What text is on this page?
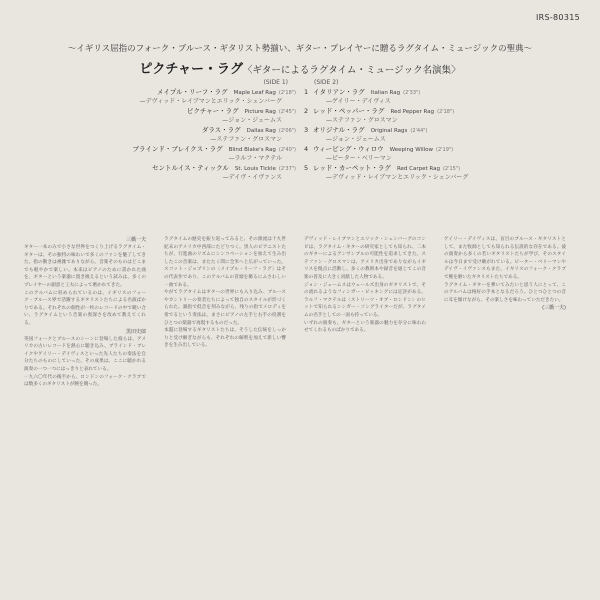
IRS-80315
〜イギリス屈指のフォーク・ブルース・ギタリスト勢揃い、ギター・プレイヤーに贈るラグタイム・ミュージックの聖典〜
ピクチャー・ラグ〈ギターによるラグタイム・ミュージック名演集〉
(SIDE 1)
メイプル・リーフ・ラグ Maple Leaf Rag (2'18")
—デヴィッド・レイブマンとエリック・シェンバーグ
ピクチャー・ラグ Picture Rag (2'45")
—ジョン・ジェームス
ダラス・ラグ Dallas Rag (2'06")
—ステファン・グロスマン
ブラインド・ブレイクス・ラグ Blind Blake's Rag (2'40")
—ラルフ・マクテル
セントルイス・ティックル St. Louis Tickle (2'37")
—デイヴ・イヴァンス
(SIDE 2)
1 イタリアン・ラグ Italian Rag (2'33")
—ゲイリー・デイヴィス
2 レッド・ペッパー・ラグ Red Pepper Rag (2'18")
—ステファン・グロスマン
3 オリジナル・ラグ Original Rags (2'44")
—ジョン・ジェームス
4 ウィーピング・ウィロウ Weeping Willow (2'19")
—ピーター・ベリーマン
5 レッド・カーペット・ラグ Red Carpet Rag (2'15")
—デヴィッド・レイブマンとエリック・シェンバーグ

三橋一夫

ギター一本のみで小さな世界をつくり上げるラグタイム・ギターは、その独特の味わいで多くのファンを魅了してきた。指の動きは複雑でありながら、音楽そのものはどこまでも軽やかで楽しい。本来はピアノのために書かれた曲を、ギターという楽器に置き換えるという試みは、多くのプレイヤーの創意と工夫によって磨かれてきた。

このアルバムに収められているのは、イギリスのフォーク・ブルース界で活躍するギタリストたちによる名演ばかりである。それぞれの個性が一枚のレコードの中で競い合い、ラグタイムという音楽の奥深さを改めて教えてくれる。

黒田史郎

英国フォークとブルースのシーンに登場した彼らは、アメリカの古いレコードを熱心に聴き込み、ブラインド・ブレイクやゲイリー・デイヴィスといった先人たちの奏法を自分たちのものにしていった。その成果は、ここに聴かれる演奏の一つ一つにはっきりと表れている。

一九六〇年代の後半から、ロンドンのフォーク・クラブでは数多くのギタリストが腕を競った。

ラグタイムの歴史を振り返ってみると、その源流は十九世紀末のアメリカ中西部にたどりつく。黒人のピアニストたちが、行進曲のリズムにシンコペーションを加えて生み出したこの音楽は、またたく間に全米へと広がっていった。スコット・ジョプリンの〈メイプル・リーフ・ラグ〉はその代表作であり、このアルバムの冒頭を飾るにふさわしい一曲である。

やがてラグタイムはギターの世界にも入り込み、ブルースやカントリーの奏者たちによって独自のスタイルが形づくられた。親指で低音を刻みながら、残りの指でメロディを奏でるという奏法は、まさにピアノの左手と右手の役割をひとつの楽器で再現するものだった。

本盤に登場するギタリストたちは、そうした伝統をしっかりと受け継ぎながらも、それぞれの解釈を加えて新しい響きを生み出している。

デヴィッド・レイブマンとエリック・シェンバーグのコンビは、ラグタイム・ギターの研究家としても知られ、二本のギターによるアンサンブルの可能性を追求してきた。ステファン・グロスマンは、アメリカ出身でありながらイギリスを拠点に活動し、多くの教則本や録音を通じてこの音楽の普及に大きく貢献した人物である。

ジョン・ジェームスはウェールズ出身のギタリストで、その流れるようなフィンガー・ピッキングには定評がある。ラルフ・マクテルは〈ストリーツ・オブ・ロンドン〉のヒットで知られるシンガー・ソングライターだが、ラグタイムの名手としての一面も持っている。

いずれの演奏も、ギターという楽器の魅力を存分に味わわせてくれるものばかりである。

ゲイリー・デイヴィスは、盲目のブルース・ギタリストとして、また牧師としても知られる伝説的な存在である。彼の演奏から多くの若いギタリストたちが学び、そのスタイルは今日まで受け継がれている。ピーター・ベリーマンやデイヴ・イヴァンスもまた、イギリスのフォーク・クラブで腕を磨いたギタリストたちである。

ラグタイム・ギターを弾いてみたいと思う人にとって、このアルバムは格好の手本となるだろう。ひとつひとつの音に耳を傾けながら、その楽しさを味わっていただきたい。

(三橋一夫)
